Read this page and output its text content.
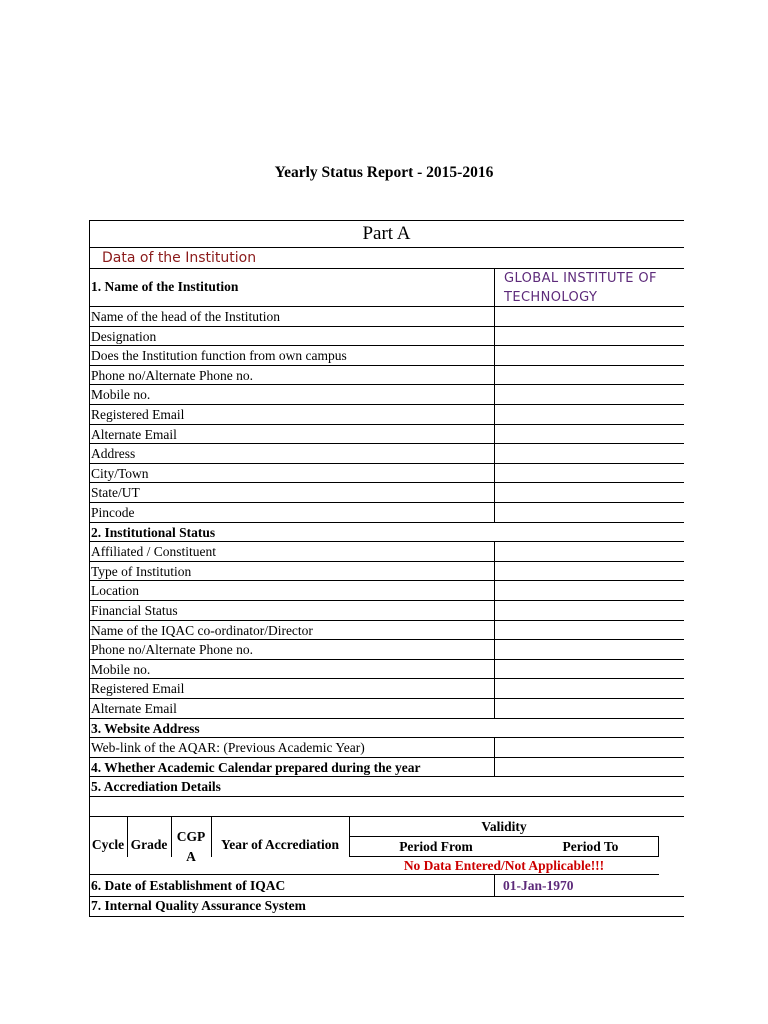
Yearly Status Report - 2015-2016
Part A
Data of the Institution
1. Name of the Institution
GLOBAL INSTITUTE OF TECHNOLOGY
Name of the head of the Institution
Designation
Does the Institution function from own campus
Phone no/Alternate Phone no.
Mobile no.
Registered Email
Alternate Email
Address
City/Town
State/UT
Pincode
2. Institutional Status
Affiliated / Constituent
Type of Institution
Location
Financial Status
Name of the IQAC co-ordinator/Director
Phone no/Alternate Phone no.
Mobile no.
Registered Email
Alternate Email
3. Website Address
Web-link of the AQAR: (Previous Academic Year)
4. Whether Academic Calendar prepared during the year
5. Accrediation Details
Cycle Grade
CGP
A
Year of Accrediation
Validity
Period From	Period To
No Data Entered/Not Applicable!!!
6. Date of Establishment of IQAC	01-Jan-1970
7. Internal Quality Assurance System
